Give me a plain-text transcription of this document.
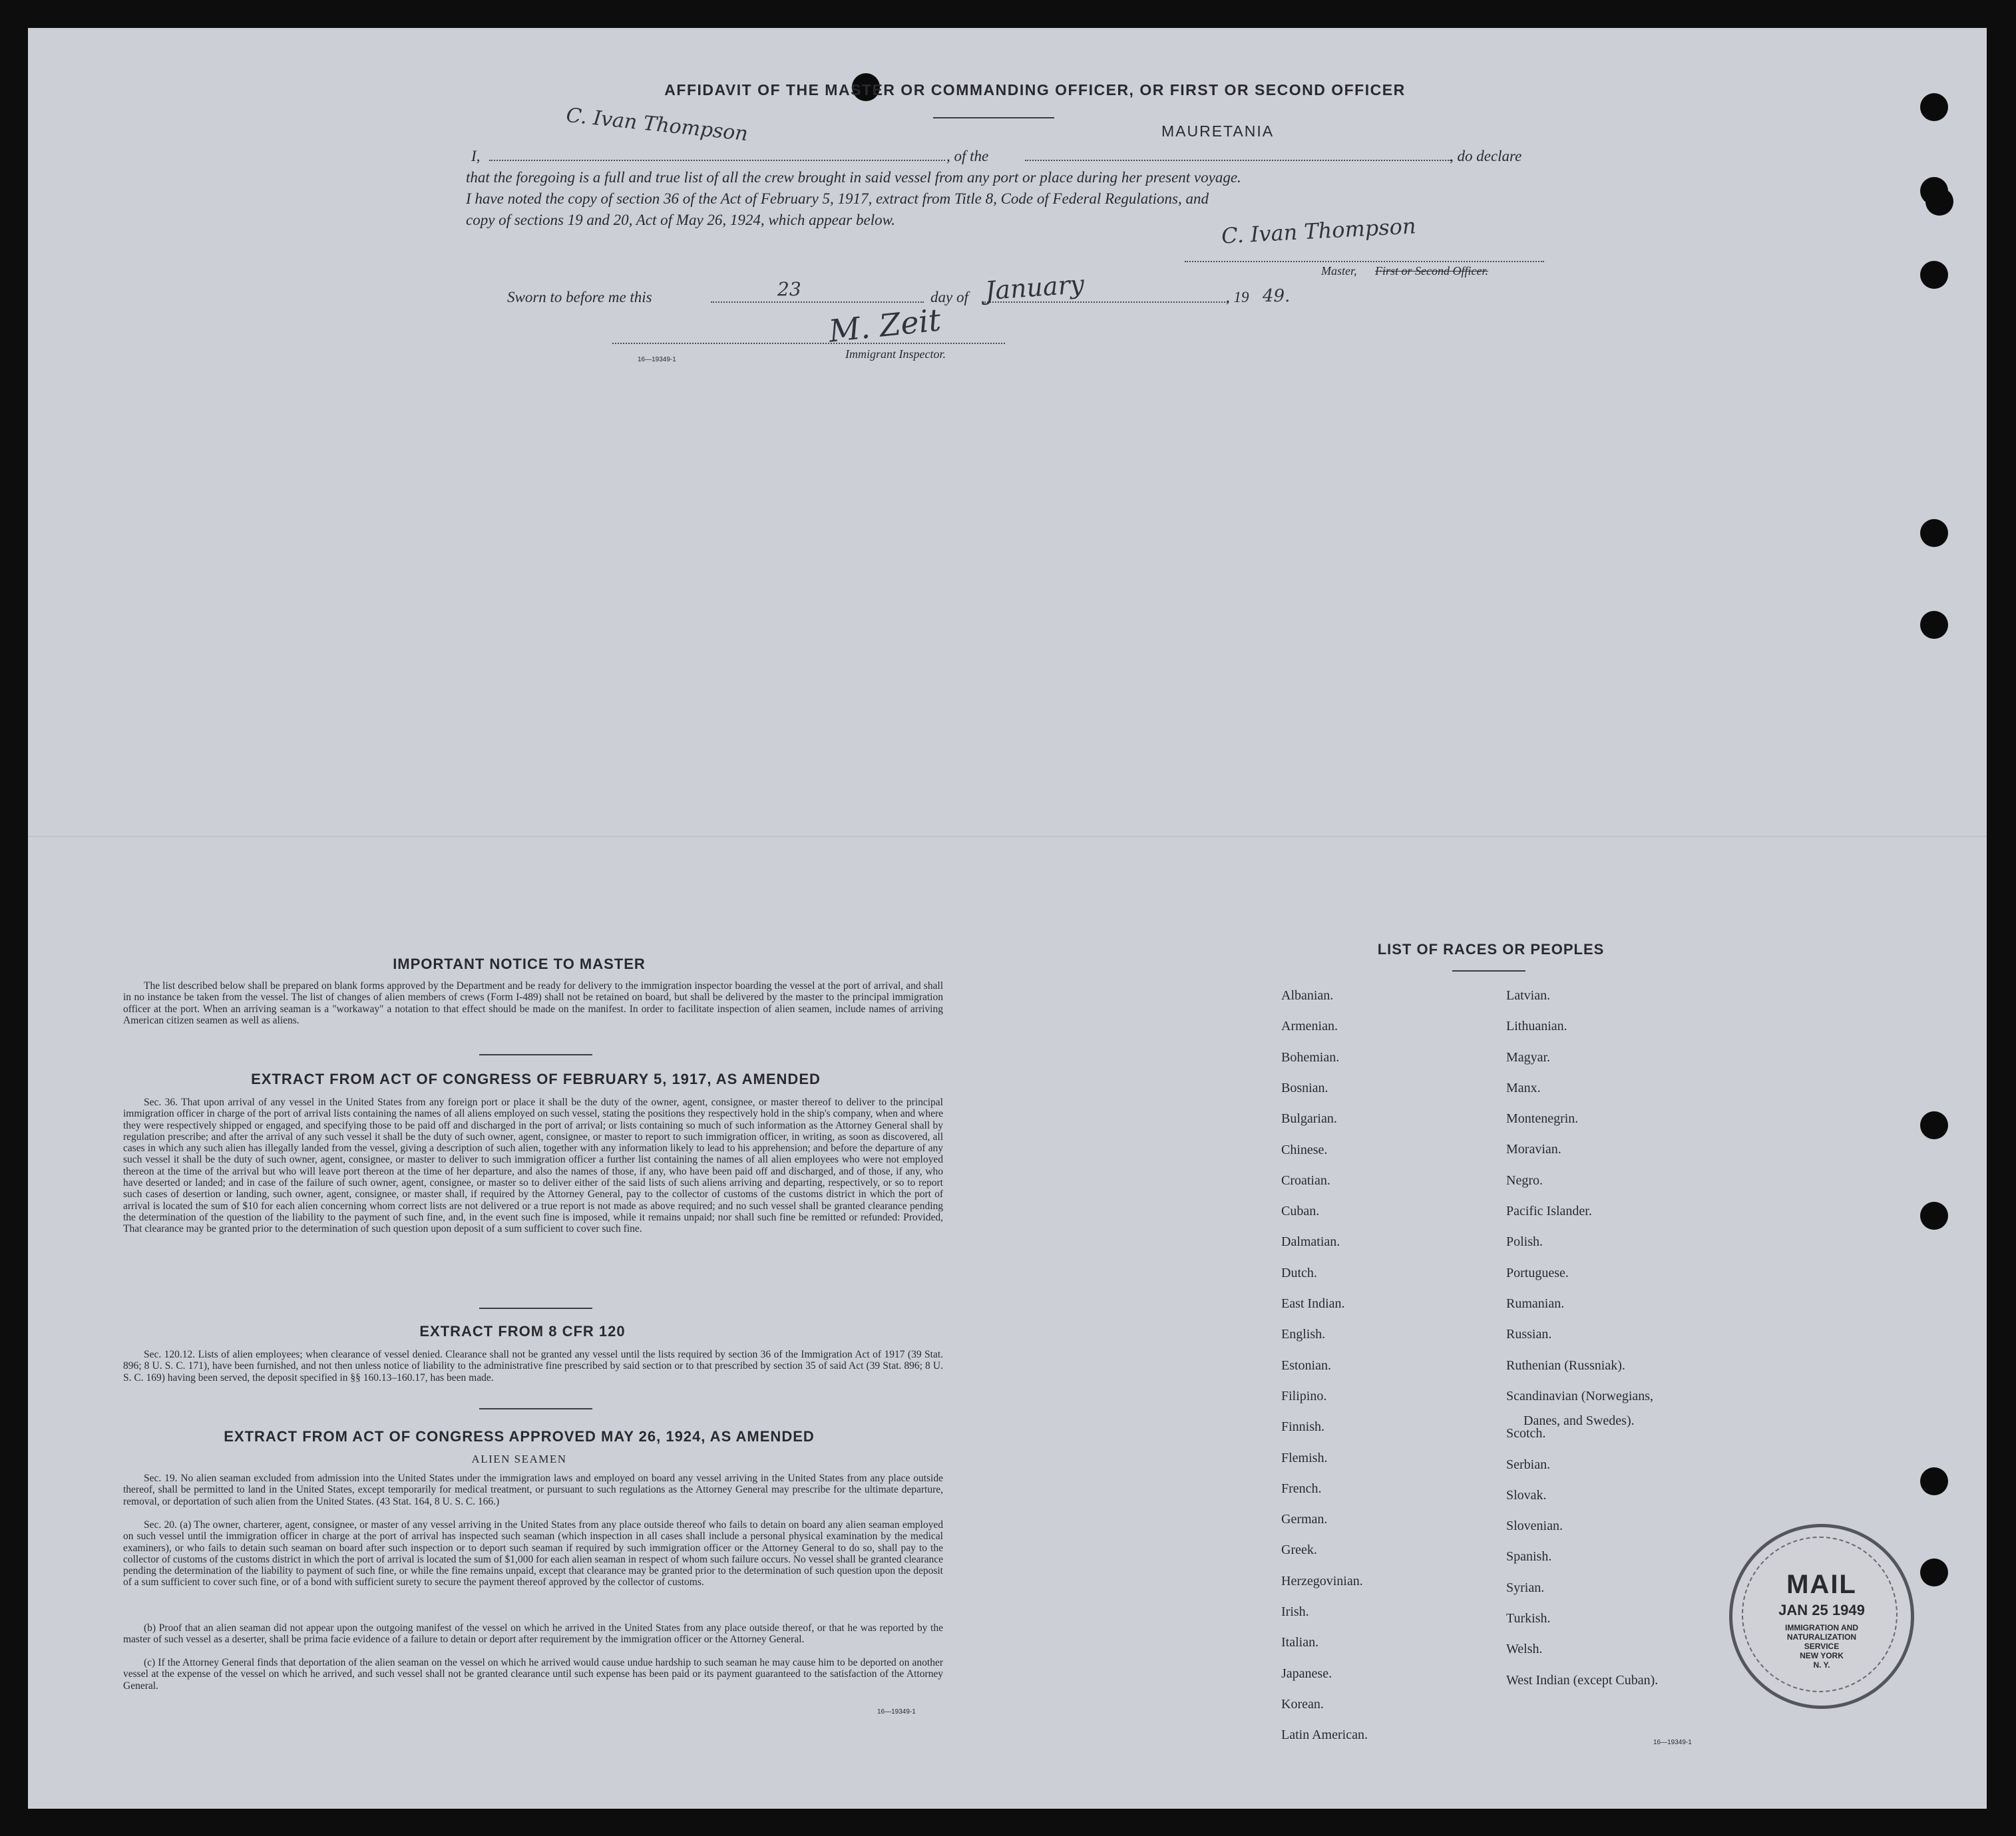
AFFIDAVIT OF THE MASTER OR COMMANDING OFFICER, OR FIRST OR SECOND OFFICER
C. Ivan Thompson	MAURETANIA
I,	, of the	, do declare
that the foregoing is a full and true list of all the crew brought in said vessel from any port or place during her present voyage.
I have noted the copy of section 36 of the Act of February 5, 1917, extract from Title 8, Code of Federal Regulations, and
copy of sections 19 and 20, Act of May 26, 1924, which appear below.	C. Ivan Thompson
Master, First or Second Officer.
Sworn to before me this	23	day of January	, 19 49.
M. Zeit
16—19349-1	Immigrant Inspector.
IMPORTANT NOTICE TO MASTER
The list described below shall be prepared on blank forms approved by the Department and be ready for delivery to the immigration inspector boarding the vessel at the port of arrival, and shall in no instance be taken from the vessel. The list of changes of alien members of crews (Form I-489) shall not be retained on board, but shall be delivered by the master to the principal immigration officer at the port. When an arriving seaman is a "workaway" a notation to that effect should be made on the manifest. In order to facilitate inspection of alien seamen, include names of arriving American citizen seamen as well as aliens.
EXTRACT FROM ACT OF CONGRESS OF FEBRUARY 5, 1917, AS AMENDED
Sec. 36. That upon arrival of any vessel in the United States from any foreign port or place it shall be the duty of the owner, agent, consignee, or master thereof to deliver to the principal immigration officer in charge of the port of arrival lists containing the names of all aliens employed on such vessel, stating the positions they respectively hold in the ship's company, when and where they were respectively shipped or engaged, and specifying those to be paid off and discharged in the port of arrival; or lists containing so much of such information as the Attorney General shall by regulation prescribe; and after the arrival of any such vessel it shall be the duty of such owner, agent, consignee, or master to report to such immigration officer, in writing, as soon as discovered, all cases in which any such alien has illegally landed from the vessel, giving a description of such alien, together with any information likely to lead to his apprehension; and before the departure of any such vessel it shall be the duty of such owner, agent, consignee, or master to deliver to such immigration officer a further list containing the names of all alien employees who were not employed thereon at the time of the arrival but who will leave port thereon at the time of her departure, and also the names of those, if any, who have been paid off and discharged, and of those, if any, who have deserted or landed; and in case of the failure of such owner, agent, consignee, or master so to deliver either of the said lists of such aliens arriving and departing, respectively, or so to report such cases of desertion or landing, such owner, agent, consignee, or master shall, if required by the Attorney General, pay to the collector of customs of the customs district in which the port of arrival is located the sum of $10 for each alien concerning whom correct lists are not delivered or a true report is not made as above required; and no such vessel shall be granted clearance pending the determination of the question of the liability to the payment of such fine, and, in the event such fine is imposed, while it remains unpaid; nor shall such fine be remitted or refunded: Provided, That clearance may be granted prior to the determination of such question upon deposit of a sum sufficient to cover such fine.
EXTRACT FROM 8 CFR 120
Sec. 120.12. Lists of alien employees; when clearance of vessel denied. Clearance shall not be granted any vessel until the lists required by section 36 of the Immigration Act of 1917 (39 Stat. 896; 8 U. S. C. 171), have been furnished, and not then unless notice of liability to the administrative fine prescribed by said section or to that prescribed by section 35 of said Act (39 Stat. 896; 8 U. S. C. 169) having been served, the deposit specified in §§ 160.13–160.17, has been made.
EXTRACT FROM ACT OF CONGRESS APPROVED MAY 26, 1924, AS AMENDED
ALIEN SEAMEN
Sec. 19. No alien seaman excluded from admission into the United States under the immigration laws and employed on board any vessel arriving in the United States from any place outside thereof, shall be permitted to land in the United States, except temporarily for medical treatment, or pursuant to such regulations as the Attorney General may prescribe for the ultimate departure, removal, or deportation of such alien from the United States. (43 Stat. 164, 8 U. S. C. 166.)
Sec. 20. (a) The owner, charterer, agent, consignee, or master of any vessel arriving in the United States from any place outside thereof who fails to detain on board any alien seaman employed on such vessel until the immigration officer in charge at the port of arrival has inspected such seaman (which inspection in all cases shall include a personal physical examination by the medical examiners), or who fails to detain such seaman on board after such inspection or to deport such seaman if required by such immigration officer or the Attorney General to do so, shall pay to the collector of customs of the customs district in which the port of arrival is located the sum of $1,000 for each alien seaman in respect of whom such failure occurs. No vessel shall be granted clearance pending the determination of the liability to payment of such fine, or while the fine remains unpaid, except that clearance may be granted prior to the determination of such question upon the deposit of a sum sufficient to cover such fine, or of a bond with sufficient surety to secure the payment thereof approved by the collector of customs.
(b) Proof that an alien seaman did not appear upon the outgoing manifest of the vessel on which he arrived in the United States from any place outside thereof, or that he was reported by the master of such vessel as a deserter, shall be prima facie evidence of a failure to detain or deport after requirement by the immigration officer or the Attorney General.
(c) If the Attorney General finds that deportation of the alien seaman on the vessel on which he arrived would cause undue hardship to such seaman he may cause him to be deported on another vessel at the expense of the vessel on which he arrived, and such vessel shall not be granted clearance until such expense has been paid or its payment guaranteed to the satisfaction of the Attorney General.
16—19349-1
LIST OF RACES OR PEOPLES
Albanian.
Armenian.
Bohemian.
Bosnian.
Bulgarian.
Chinese.
Croatian.
Cuban.
Dalmatian.
Dutch.
East Indian.
English.
Estonian.
Filipino.
Finnish.
Flemish.
French.
German.
Greek.
Herzegovinian.
Irish.
Italian.
Japanese.
Korean.
Latin American.
Latvian.
Lithuanian.
Magyar.
Manx.
Montenegrin.
Moravian.
Negro.
Pacific Islander.
Polish.
Portuguese.
Rumanian.
Russian.
Ruthenian (Russniak).
Scandinavian (Norwegians,
Danes, and Swedes).
Scotch.
Serbian.
Slovak.
Slovenian.
Spanish.
Syrian.
Turkish.
Welsh.
West Indian (except Cuban).
16—19349-1
MAIL
JAN 25 1949
IMMIGRATION AND
NATURALIZATION
SERVICE
NEW YORK
N. Y.
